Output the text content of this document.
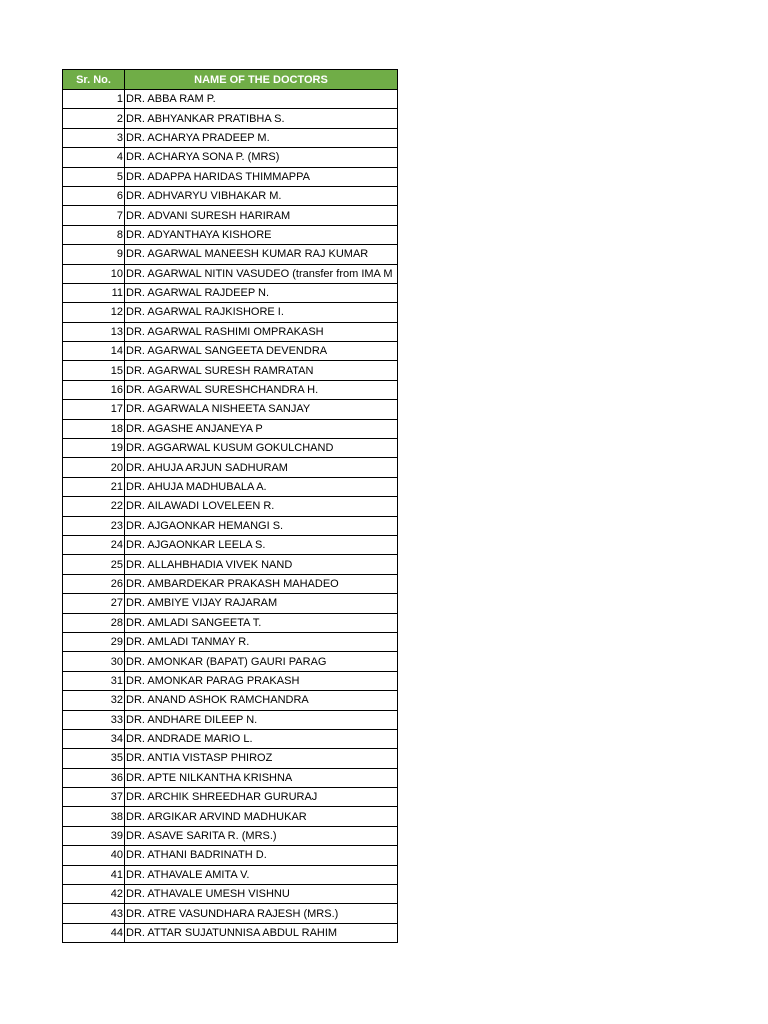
Sr. No.	NAME OF THE DOCTORS
1	DR. ABBA RAM P.
2	DR. ABHYANKAR PRATIBHA S.
3	DR. ACHARYA PRADEEP M.
4	DR. ACHARYA SONA P. (MRS)
5	DR. ADAPPA HARIDAS THIMMAPPA
6	DR. ADHVARYU VIBHAKAR M.
7	DR. ADVANI SURESH HARIRAM
8	DR. ADYANTHAYA KISHORE
9	DR. AGARWAL MANEESH KUMAR RAJ KUMAR
10	DR. AGARWAL NITIN VASUDEO (transfer from IMA M
11	DR. AGARWAL RAJDEEP N.
12	DR. AGARWAL RAJKISHORE I.
13	DR. AGARWAL RASHIMI OMPRAKASH
14	DR. AGARWAL SANGEETA DEVENDRA
15	DR. AGARWAL SURESH RAMRATAN
16	DR. AGARWAL SURESHCHANDRA H.
17	DR. AGARWALA NISHEETA SANJAY
18	DR. AGASHE ANJANEYA P
19	DR. AGGARWAL KUSUM GOKULCHAND
20	DR. AHUJA ARJUN SADHURAM
21	DR. AHUJA MADHUBALA A.
22	DR. AILAWADI LOVELEEN R.
23	DR. AJGAONKAR HEMANGI S.
24	DR. AJGAONKAR LEELA S.
25	DR. ALLAHBHADIA VIVEK NAND
26	DR. AMBARDEKAR PRAKASH MAHADEO
27	DR. AMBIYE VIJAY RAJARAM
28	DR. AMLADI SANGEETA T.
29	DR. AMLADI TANMAY R.
30	DR. AMONKAR (BAPAT) GAURI PARAG
31	DR. AMONKAR PARAG PRAKASH
32	DR. ANAND ASHOK RAMCHANDRA
33	DR. ANDHARE DILEEP N.
34	DR. ANDRADE MARIO L.
35	DR. ANTIA VISTASP PHIROZ
36	DR. APTE NILKANTHA KRISHNA
37	DR. ARCHIK SHREEDHAR GURURAJ
38	DR. ARGIKAR ARVIND MADHUKAR
39	DR. ASAVE SARITA R. (MRS.)
40	DR. ATHANI BADRINATH D.
41	DR. ATHAVALE AMITA V.
42	DR. ATHAVALE UMESH VISHNU
43	DR. ATRE VASUNDHARA RAJESH (MRS.)
44	DR. ATTAR SUJATUNNISA ABDUL RAHIM
